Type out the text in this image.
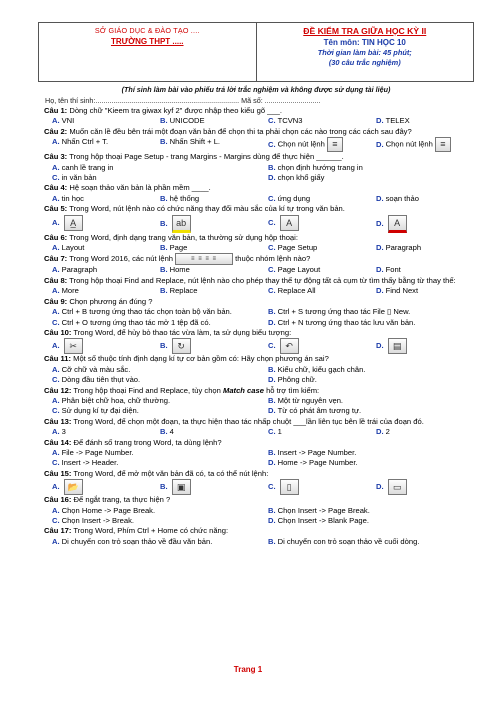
SỞ GIÁO DỤC & ĐÀO TẠO ....
TRƯỜNG THPT .....
ĐỀ KIỂM TRA GIỮA HỌC KỲ II
Tên môn: TIN HỌC 10
Thời gian làm bài: 45 phút;
(30 câu trắc nghiệm)
(Thí sinh làm bài vào phiếu trả lời trắc nghiệm và không được sử dụng tài liệu)
Họ, tên thí sinh:........................................................................ Mã số: ............................
Câu 1: Dòng chữ "Kieem tra giwax kyf 2" được nhập theo kiểu gõ ___.
A. VNI	B. UNICODE	C. TCVN3	D. TELEX
Câu 2: Muốn căn lề đều bên trái một đoạn văn bản để chọn thi ta phải chọn các nào trong các cách sau đây?
A. Nhấn Ctrl + T.	B. Nhấn Shift + L.	C. Chọn nút lệnh ≡	D. Chọn nút lệnh ≡
Câu 3: Trong hộp thoại Page Setup - trang Margins - Margins dùng để thực hiện ______.
A. canh lề trang in	B. chọn định hướng trang in
C. in văn bản	D. chọn khổ giấy
Câu 4: Hệ soạn thảo văn bản là phần mềm ____.
A. tin học	B. hệ thống	C. ứng dụng	D. soạn thảo
Câu 5: Trong Word, nút lệnh nào có chức năng thay đổi màu sắc của kí tự trong văn bản.
A. A̲	B. ab	C. A	D. A
Câu 6: Trong Word, định dạng trang văn bản, ta thường sử dụng hộp thoại:
A. Layout	B. Page	C. Page Setup	D. Paragraph
Câu 7: Trong Word 2016, các nút lệnh	≡ ≡ ≡ ≡ thuộc nhóm lệnh nào?
A. Paragraph	B. Home	C. Page Layout	D. Font
Câu 8: Trong hộp thoại Find and Replace, nút lệnh nào cho phép thay thế tự động tất cả cụm từ tìm thấy bằng từ thay thế:
A. More	B. Replace	C. Replace All	D. Find Next
Câu 9: Chọn phương án đúng ?
A. Ctrl + B tương ứng thao tác chọn toàn bộ văn bản.	B. Ctrl + S tương ứng thao tác File ▯ New.
C. Ctrl + O tương ứng thao tác mở 1 tệp đã có.	D. Ctrl + N tương ứng thao tác lưu văn bản.
Câu 10: Trong Word, để hủy bỏ thao tác vừa làm, ta sử dụng biểu tượng:
A. ✂	B. ↻	C. ↶	D. ▤
Câu 11: Một số thuộc tính định dạng kí tự cơ bản gồm có: Hãy chọn phương án sai?
A. Cỡ chữ và màu sắc.	B. Kiểu chữ, kiểu gạch chân.
C. Dòng đầu tiên thụt vào.	D. Phông chữ.
Câu 12: Trong hộp thoại Find and Replace, tùy chọn Match case hỗ trợ tìm kiếm:
A. Phân biệt chữ hoa, chữ thường.	B. Một từ nguyên vẹn.
C. Sử dụng kí tự đại diện.	D. Từ có phát âm tương tự.
Câu 13: Trong Word, để chọn một đoạn, ta thực hiện thao tác nhấp chuột ___lần liên tục bên lề trái của đoạn đó.
A. 3	B. 4	C. 1	D. 2
Câu 14: Để đánh số trang trong Word, ta dùng lệnh?
A. File -> Page Number.	B. Insert -> Page Number.
C. Insert -> Header.	D. Home -> Page Number.
Câu 15: Trong Word, để mở một văn bản đã có, ta có thể nút lệnh:
A. 📂	B. ▣	C. ▯	D. ▭
Câu 16: Để ngắt trang, ta thực hiện ?
A. Chọn Home -> Page Break.	B. Chọn Insert -> Page Break.
C. Chọn Insert -> Break.	D. Chọn Insert -> Blank Page.
Câu 17: Trong Word, Phím Ctrl + Home có chức năng:
A. Di chuyển con trỏ soạn thảo về đầu văn bản.	B. Di chuyển con trỏ soạn thảo về cuối dòng.
Trang 1
